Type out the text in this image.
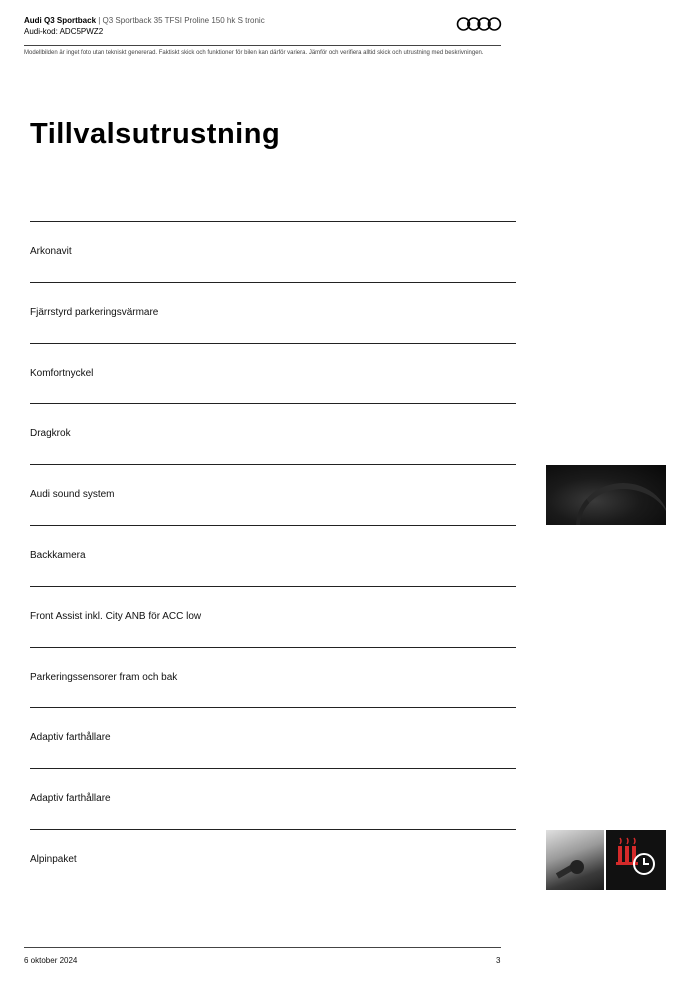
Audi Q3 Sportback | Q3 Sportback 35 TFSI Proline 150 hk S tronic
Audi-kod: ADC5PWZ2
Modellbilden är inget foto utan tekniskt genererad. Faktiskt skick och funktioner för bilen kan därför variera. Jämför och verifiera alltid skick och utrustning med beskrivningen.
Tillvalsutrustning
Arkonavit
Fjärrstyrd parkeringsvärmare
Komfortnyckel
Dragkrok
Audi sound system
Backkamera
Front Assist inkl. City ANB för ACC low
Parkeringssensorer fram och bak
Adaptiv farthållare
Adaptiv farthållare
Alpinpaket
6 oktober 2024	3
